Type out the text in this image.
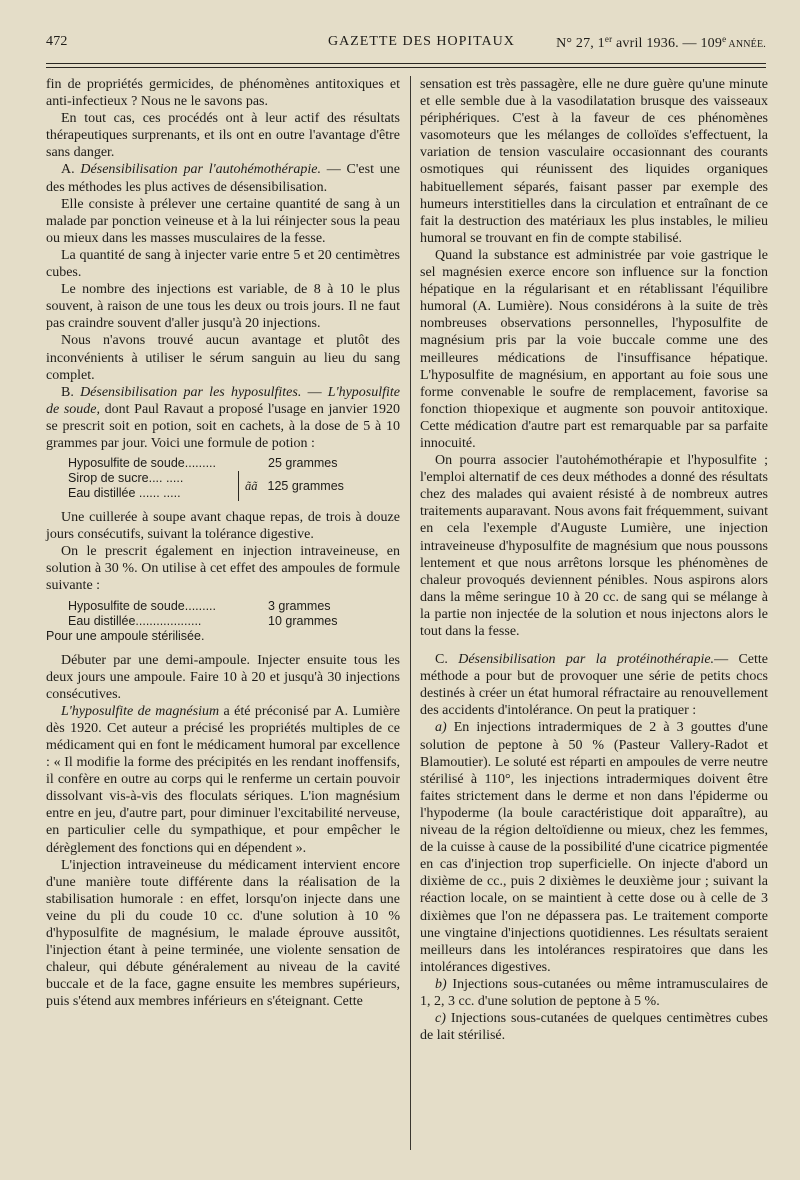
472	GAZETTE DES HOPITAUX	N° 27, 1er avril 1936. — 109e ANNÉE.

fin de propriétés germicides, de phénomènes antitoxiques et anti-infectieux ? Nous ne le savons pas.

En tout cas, ces procédés ont à leur actif des résultats thérapeutiques surprenants, et ils ont en outre l'avantage d'être sans danger.

A. Désensibilisation par l'autohémothérapie. — C'est une des méthodes les plus actives de désensibilisation.

Elle consiste à prélever une certaine quantité de sang à un malade par ponction veineuse et à la lui réinjecter sous la peau ou mieux dans les masses musculaires de la fesse.

La quantité de sang à injecter varie entre 5 et 20 centimètres cubes.

Le nombre des injections est variable, de 8 à 10 le plus souvent, à raison de une tous les deux ou trois jours. Il ne faut pas craindre souvent d'aller jusqu'à 20 injections.

Nous n'avons trouvé aucun avantage et plutôt des inconvénients à utiliser le sérum sanguin au lieu du sang complet.

B. Désensibilisation par les hyposulfites. — L'hyposulfite de soude, dont Paul Ravaut a proposé l'usage en janvier 1920 se prescrit soit en potion, soit en cachets, à la dose de 5 à 10 grammes par jour. Voici une formule de potion :

Hyposulfite de soude.........	25 grammes
Sirop de sucre.... .....
Eau distillée ...... .....
ãã 125 grammes

Une cuillerée à soupe avant chaque repas, de trois à douze jours consécutifs, suivant la tolérance digestive.

On le prescrit également en injection intraveineuse, en solution à 30 %. On utilise à cet effet des ampoules de formule suivante :

Hyposulfite de soude.........	3 grammes
Eau distillée...................	10 grammes
Pour une ampoule stérilisée.

Débuter par une demi-ampoule. Injecter ensuite tous les deux jours une ampoule. Faire 10 à 20 et jusqu'à 30 injections consécutives.

L'hyposulfite de magnésium a été préconisé par A. Lumière dès 1920. Cet auteur a précisé les propriétés multiples de ce médicament qui en font le médicament humoral par excellence : « Il modifie la forme des précipités en les rendant inoffensifs, il confère en outre au corps qui le renferme un certain pouvoir dissolvant vis-à-vis des floculats sériques. L'ion magnésium entre en jeu, d'autre part, pour diminuer l'excitabilité nerveuse, en particulier celle du sympathique, et pour empêcher le dérèglement des fonctions qui en dépendent ».

L'injection intraveineuse du médicament intervient encore d'une manière toute différente dans la réalisation de la stabilisation humorale : en effet, lorsqu'on injecte dans une veine du pli du coude 10 cc. d'une solution à 10 % d'hyposulfite de magnésium, le malade éprouve aussitôt, l'injection étant à peine terminée, une violente sensation de chaleur, qui débute généralement au niveau de la cavité buccale et de la face, gagne ensuite les membres supérieurs, puis s'étend aux membres inférieurs en s'éteignant. Cette

sensation est très passagère, elle ne dure guère qu'une minute et elle semble due à la vasodilatation brusque des vaisseaux périphériques. C'est à la faveur de ces phénomènes vasomoteurs que les mélanges de colloïdes s'effectuent, la variation de tension vasculaire occasionnant des courants osmotiques qui réunissent des liquides organiques habituellement séparés, faisant passer par exemple des humeurs interstitielles dans la circulation et entraînant de ce fait la destruction des matériaux les plus instables, le milieu humoral se trouvant en fin de compte stabilisé.

Quand la substance est administrée par voie gastrique le sel magnésien exerce encore son influence sur la fonction hépatique en la régularisant et en rétablissant l'équilibre humoral (A. Lumière). Nous considérons à la suite de très nombreuses observations personnelles, l'hyposulfite de magnésium pris par la voie buccale comme une des meilleures médications de l'insuffisance hépatique. L'hyposulfite de magnésium, en apportant au foie sous une forme convenable le soufre de remplacement, favorise sa fonction thiopexique et augmente son pouvoir antitoxique. Cette médication d'autre part est remarquable par sa parfaite innocuité.

On pourra associer l'autohémothérapie et l'hyposulfite ; l'emploi alternatif de ces deux méthodes a donné des résultats chez des malades qui avaient résisté à de nombreux autres traitements auparavant. Nous avons fait fréquemment, suivant en cela l'exemple d'Auguste Lumière, une injection intraveineuse d'hyposulfite de magnésium que nous poussons lentement et que nous arrêtons lorsque les phénomènes de chaleur provoqués deviennent pénibles. Nous aspirons alors dans la même seringue 10 à 20 cc. de sang qui se mélange à la partie non injectée de la solution et nous injectons alors le tout dans la fesse.

C. Désensibilisation par la protéinothérapie.— Cette méthode a pour but de provoquer une série de petits chocs destinés à créer un état humoral réfractaire au renouvellement des accidents d'intolérance. On peut la pratiquer :

a) En injections intradermiques de 2 à 3 gouttes d'une solution de peptone à 50 % (Pasteur Vallery-Radot et Blamoutier). Le soluté est réparti en ampoules de verre neutre stérilisé à 110°, les injections intradermiques doivent être faites strictement dans le derme et non dans l'épiderme ou l'hypoderme (la boule caractéristique doit apparaître), au niveau de la région deltoïdienne ou mieux, chez les femmes, de la cuisse à cause de la possibilité d'une cicatrice pigmentée en cas d'injection trop superficielle. On injecte d'abord un dixième de cc., puis 2 dixièmes le deuxième jour ; suivant la réaction locale, on se maintient à cette dose ou à celle de 3 dixièmes que l'on ne dépassera pas. Le traitement comporte une vingtaine d'injections quotidiennes. Les résultats seraient meilleurs dans les intolérances respiratoires que dans les intolérances digestives.

b) Injections sous-cutanées ou même intramusculaires de 1, 2, 3 cc. d'une solution de peptone à 5 %.

c) Injections sous-cutanées de quelques centimètres cubes de lait stérilisé.
